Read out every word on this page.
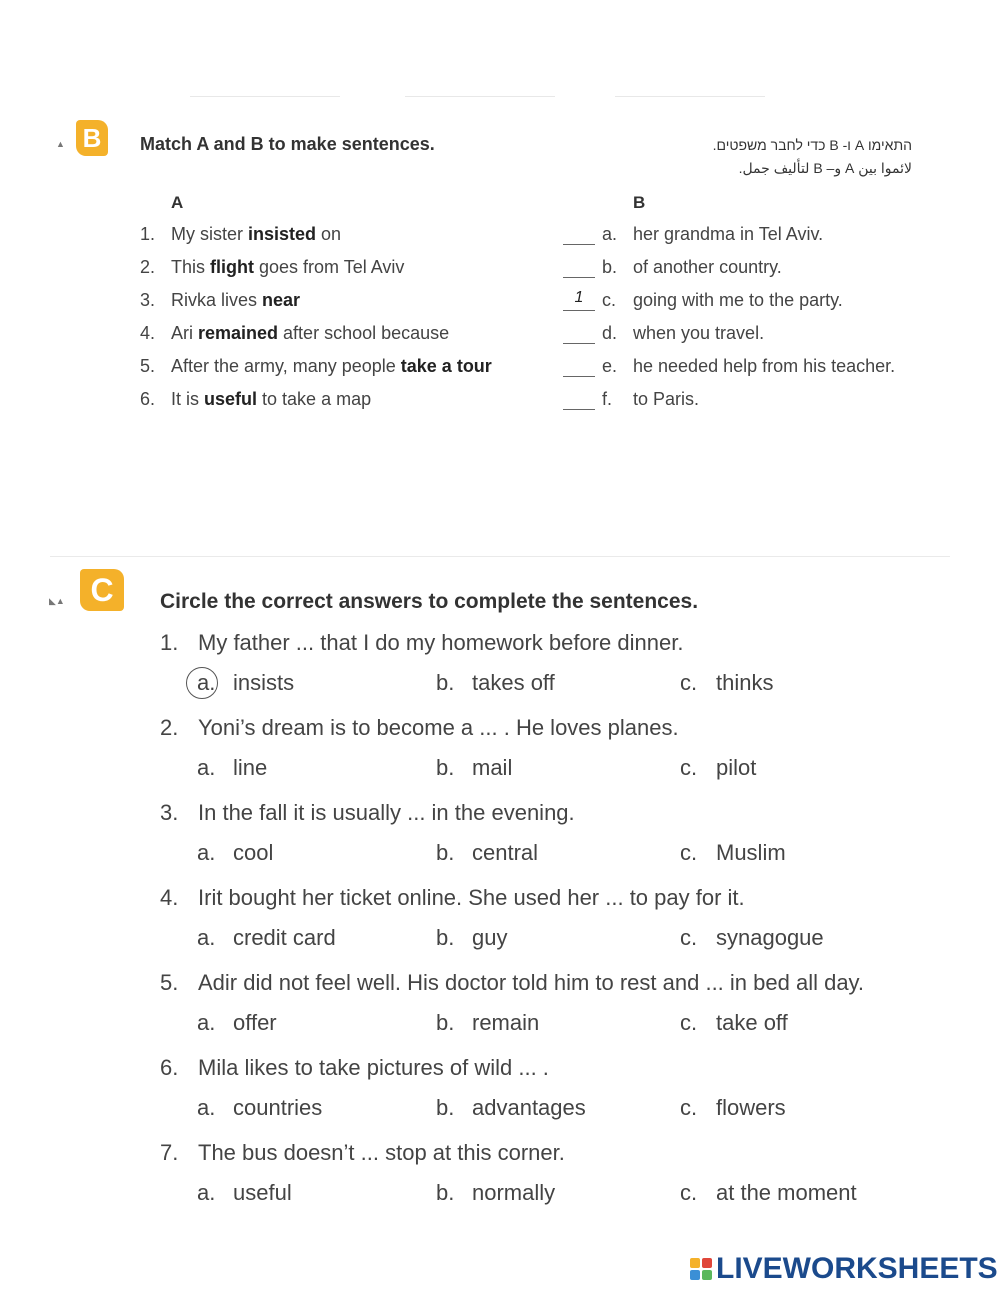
▲ B	Match A and B to make sentences.	התאימו A ו- B כדי לחבר משפטים.
لائموا بين A و– B لتأليف جمل.
A	B
1. My sister insisted on	a. her grandma in Tel Aviv.
2. This flight goes from Tel Aviv	b. of another country.
3. Rivka lives near	1	c. going with me to the party.
4. Ari remained after school because	d. when you travel.
5. After the army, many people take a tour	e. he needed help from his teacher.
6. It is useful to take a map	f. to Paris.
◣▲ C	Circle the correct answers to complete the sentences.
1. My father ... that I do my homework before dinner.
a. insists	b. takes off	c. thinks
2. Yoni’s dream is to become a ... . He loves planes.
a. line	b. mail	c. pilot
3. In the fall it is usually ... in the evening.
a. cool	b. central	c. Muslim
4. Irit bought her ticket online. She used her ... to pay for it.
a. credit card	b. guy	c. synagogue
5. Adir did not feel well. His doctor told him to rest and ... in bed all day.
a. offer	b. remain	c. take off
6. Mila likes to take pictures of wild ... .
a. countries	b. advantages	c. flowers
7. The bus doesn’t ... stop at this corner.
a. useful	b. normally	c. at the moment
LIVEWORKSHEETS
